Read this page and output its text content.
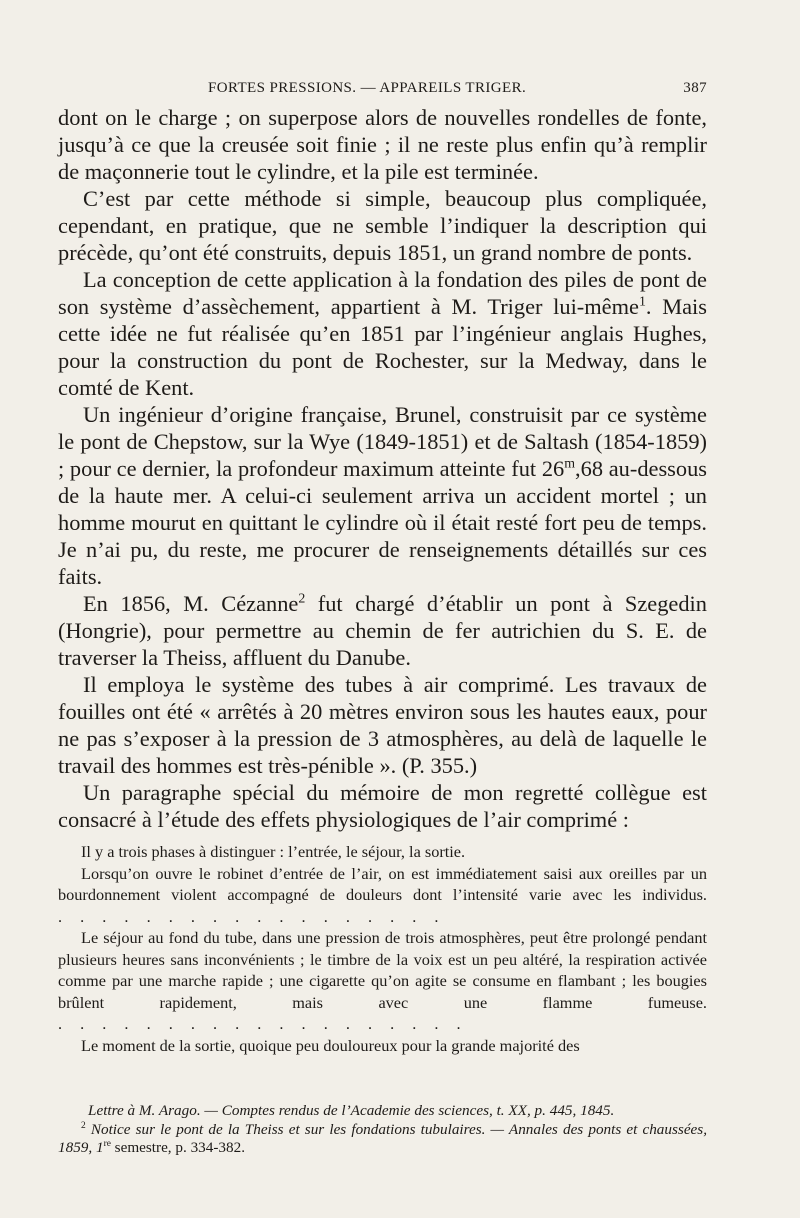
FORTES PRESSIONS. — APPAREILS TRIGER.	387

dont on le charge ; on superpose alors de nouvelles rondelles de fonte, jusqu’à ce que la creusée soit finie ; il ne reste plus enfin qu’à remplir de maçonnerie tout le cylindre, et la pile est terminée.

C’est par cette méthode si simple, beaucoup plus compliquée, cependant, en pratique, que ne semble l’indiquer la description qui précède, qu’ont été construits, depuis 1851, un grand nombre de ponts.

La conception de cette application à la fondation des piles de pont de son système d’assèchement, appartient à M. Triger lui-même$^1$. Mais cette idée ne fut réalisée qu’en 1851 par l’ingénieur anglais Hughes, pour la construction du pont de Rochester, sur la Medway, dans le comté de Kent.

Un ingénieur d’origine française, Brunel, construisit par ce système le pont de Chepstow, sur la Wye (1849-1851) et de Saltash (1854-1859) ; pour ce dernier, la profondeur maximum atteinte fut 26$^m$,68 au-dessous de la haute mer. A celui-ci seulement arriva un accident mortel ; un homme mourut en quittant le cylindre où il était resté fort peu de temps. Je n’ai pu, du reste, me procurer de renseignements détaillés sur ces faits.

En 1856, M. Cézanne$^2$ fut chargé d’établir un pont à Szegedin (Hongrie), pour permettre au chemin de fer autrichien du S. E. de traverser la Theiss, affluent du Danube.

Il employa le système des tubes à air comprimé. Les travaux de fouilles ont été « arrêtés à 20 mètres environ sous les hautes eaux, pour ne pas s’exposer à la pression de 3 atmosphères, au delà de laquelle le travail des hommes est très-pénible ». (P. 355.)

Un paragraphe spécial du mémoire de mon regretté collègue est consacré à l’étude des effets physiologiques de l’air comprimé :

Il y a trois phases à distinguer : l’entrée, le séjour, la sortie.

Lorsqu’on ouvre le robinet d’entrée de l’air, on est immédiatement saisi aux oreilles par un bourdonnement violent accompagné de douleurs dont l’intensité varie avec les individus. . . . . . . . . . . . . . . . . . .

Le séjour au fond du tube, dans une pression de trois atmosphères, peut être prolongé pendant plusieurs heures sans inconvénients ; le timbre de la voix est un peu altéré, la respiration activée comme par une marche rapide ; une cigarette qu’on agite se consume en flambant ; les bougies brûlent rapidement, mais avec une flamme fumeuse. . . . . . . . . . . . . . . . . . . .

Le moment de la sortie, quoique peu douloureux pour la grande majorité des

Lettre à M. Arago. — Comptes rendus de l’Academie des sciences, t. XX, p. 445, 1845.

$^2$ Notice sur le pont de la Theiss et sur les fondations tubulaires. — Annales des ponts et chaussées, 1859, 1re semestre, p. 334-382.
